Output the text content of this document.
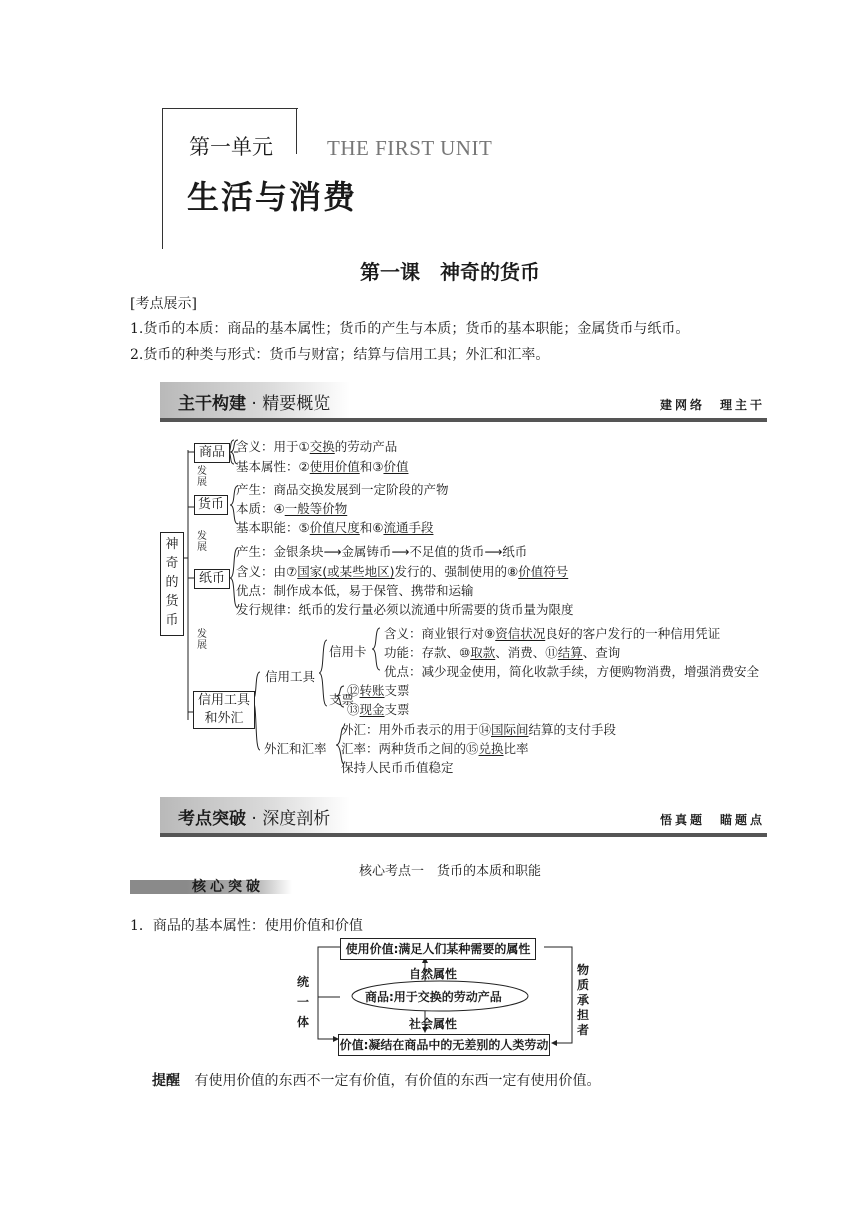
第一单元	THE FIRST UNIT
生活与消费
第一课　神奇的货币
[考点展示]
1.货币的本质：商品的基本属性；货币的产生与本质；货币的基本职能；金属货币与纸币。
2.货币的种类与形式：货币与财富；结算与信用工具；外汇和汇率。
主干构建 · 精要概览	建网络　理主干
神
奇
的
货
币
商品
发
展
货币
发
展
纸币
发
展
信用工具
和外汇
含义：用于①交换的劳动产品
基本属性：②使用价值和③价值
产生：商品交换发展到一定阶段的产物
本质：④一般等价物
基本职能：⑤价值尺度和⑥流通手段
产生：金银条块⟶金属铸币⟶不足值的货币⟶纸币
含义：由⑦国家(或某些地区)发行的、强制使用的⑧价值符号
优点：制作成本低，易于保管、携带和运输
发行规律：纸币的发行量必须以流通中所需要的货币量为限度
信用工具
信用卡
含义：商业银行对⑨资信状况良好的客户发行的一种信用凭证
功能：存款、⑩取款、消费、⑪结算、查询
优点：减少现金使用，简化收款手续，方便购物消费，增强消费安全
支票
⑫转账支票
⑬现金支票
外汇和汇率
外汇：用外币表示的用于⑭国际间结算的支付手段
汇率：两种货币之间的⑮兑换比率
保持人民币币值稳定
考点突破 · 深度剖析	悟真题　瞄题点
核心考点一　货币的本质和职能
核心突破
1．商品的基本属性：使用价值和价值
使用价值:满足人们某种需要的属性
商品:用于交换的劳动产品
价值:凝结在商品中的无差别的人类劳动
自然 属性
社会 属性
统
一
体
物
质
承
担
者
提醒 有使用价值的东西不一定有价值，有价值的东西一定有使用价值。
